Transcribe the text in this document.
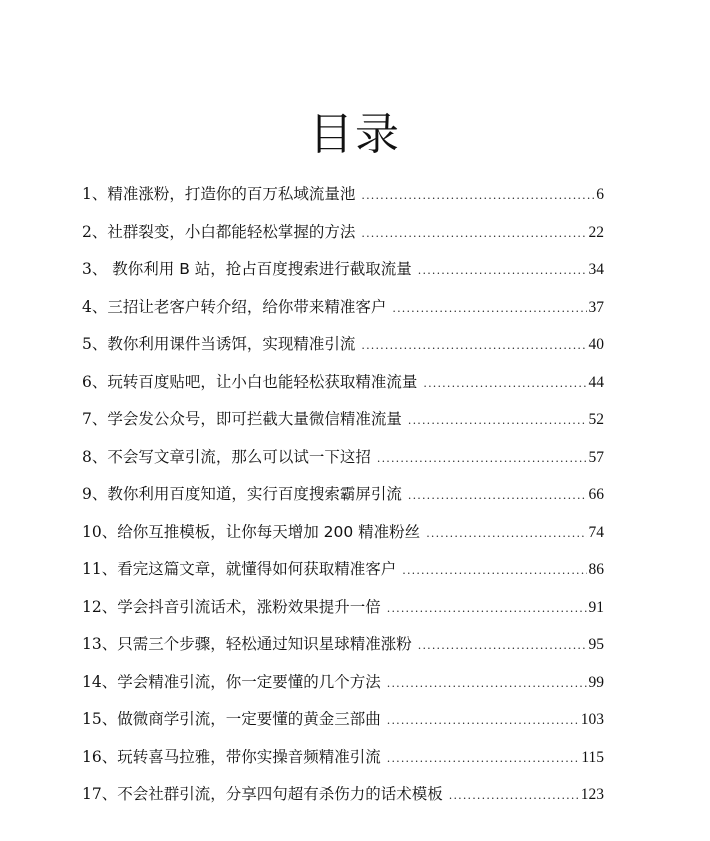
目录
1、 精准涨粉，打造你的百万私域流量池 .....	6
2、 社群裂变，小白都能轻松掌握的方法 .....	22
3、 教你利用 B 站，抢占百度搜索进行截取流量 .....	34
4、 三招让老客户转介绍，给你带来精准客户 .....	37
5、 教你利用课件当诱饵，实现精准引流 .....	40
6、 玩转百度贴吧，让小白也能轻松获取精准流量 .....	44
7、 学会发公众号，即可拦截大量微信精准流量 .....	52
8、 不会写文章引流，那么可以试一下这招 .....	57
9、 教你利用百度知道，实行百度搜索霸屏引流 .....	66
10、 给你互推模板，让你每天增加 200 精准粉丝 .....	74
11、 看完这篇文章，就懂得如何获取精准客户 .....	86
12、 学会抖音引流话术，涨粉效果提升一倍 .....	91
13、 只需三个步骤，轻松通过知识星球精准涨粉 .....	95
14、 学会精准引流，你一定要懂的几个方法 .....	99
15、 做微商学引流，一定要懂的黄金三部曲 .....	103
16、 玩转喜马拉雅，带你实操音频精准引流 .....	115
17、 不会社群引流，分享四句超有杀伤力的话术模板 .....	123
